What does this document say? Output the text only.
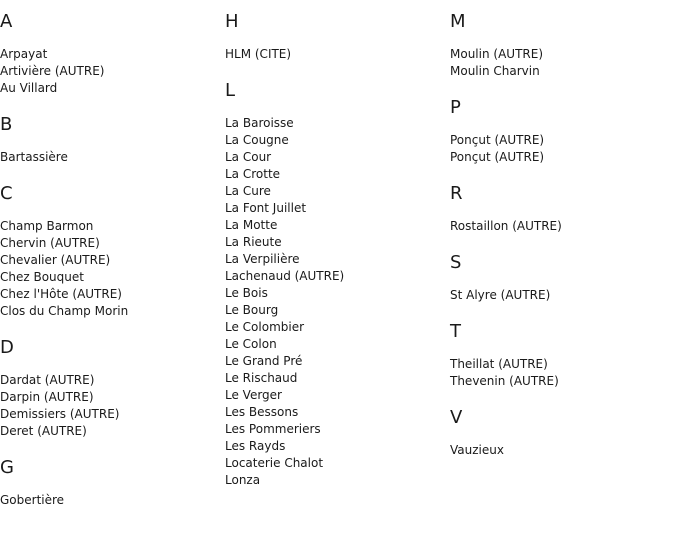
A
Arpayat
Artivière (AUTRE)
Au Villard
B
Bartassière
C
Champ Barmon
Chervin (AUTRE)
Chevalier (AUTRE)
Chez Bouquet
Chez l'Hôte (AUTRE)
Clos du Champ Morin
D
Dardat (AUTRE)
Darpin (AUTRE)
Demissiers (AUTRE)
Deret (AUTRE)
G
Gobertière
H
HLM (CITE)
L
La Baroisse
La Cougne
La Cour
La Crotte
La Cure
La Font Juillet
La Motte
La Rieute
La Verpilière
Lachenaud (AUTRE)
Le Bois
Le Bourg
Le Colombier
Le Colon
Le Grand Pré
Le Rischaud
Le Verger
Les Bessons
Les Pommeriers
Les Rayds
Locaterie Chalot
Lonza
M
Moulin (AUTRE)
Moulin Charvin
P
Ponçut (AUTRE)
Ponçut (AUTRE)
R
Rostaillon (AUTRE)
S
St Alyre (AUTRE)
T
Theillat (AUTRE)
Thevenin (AUTRE)
V
Vauzieux
